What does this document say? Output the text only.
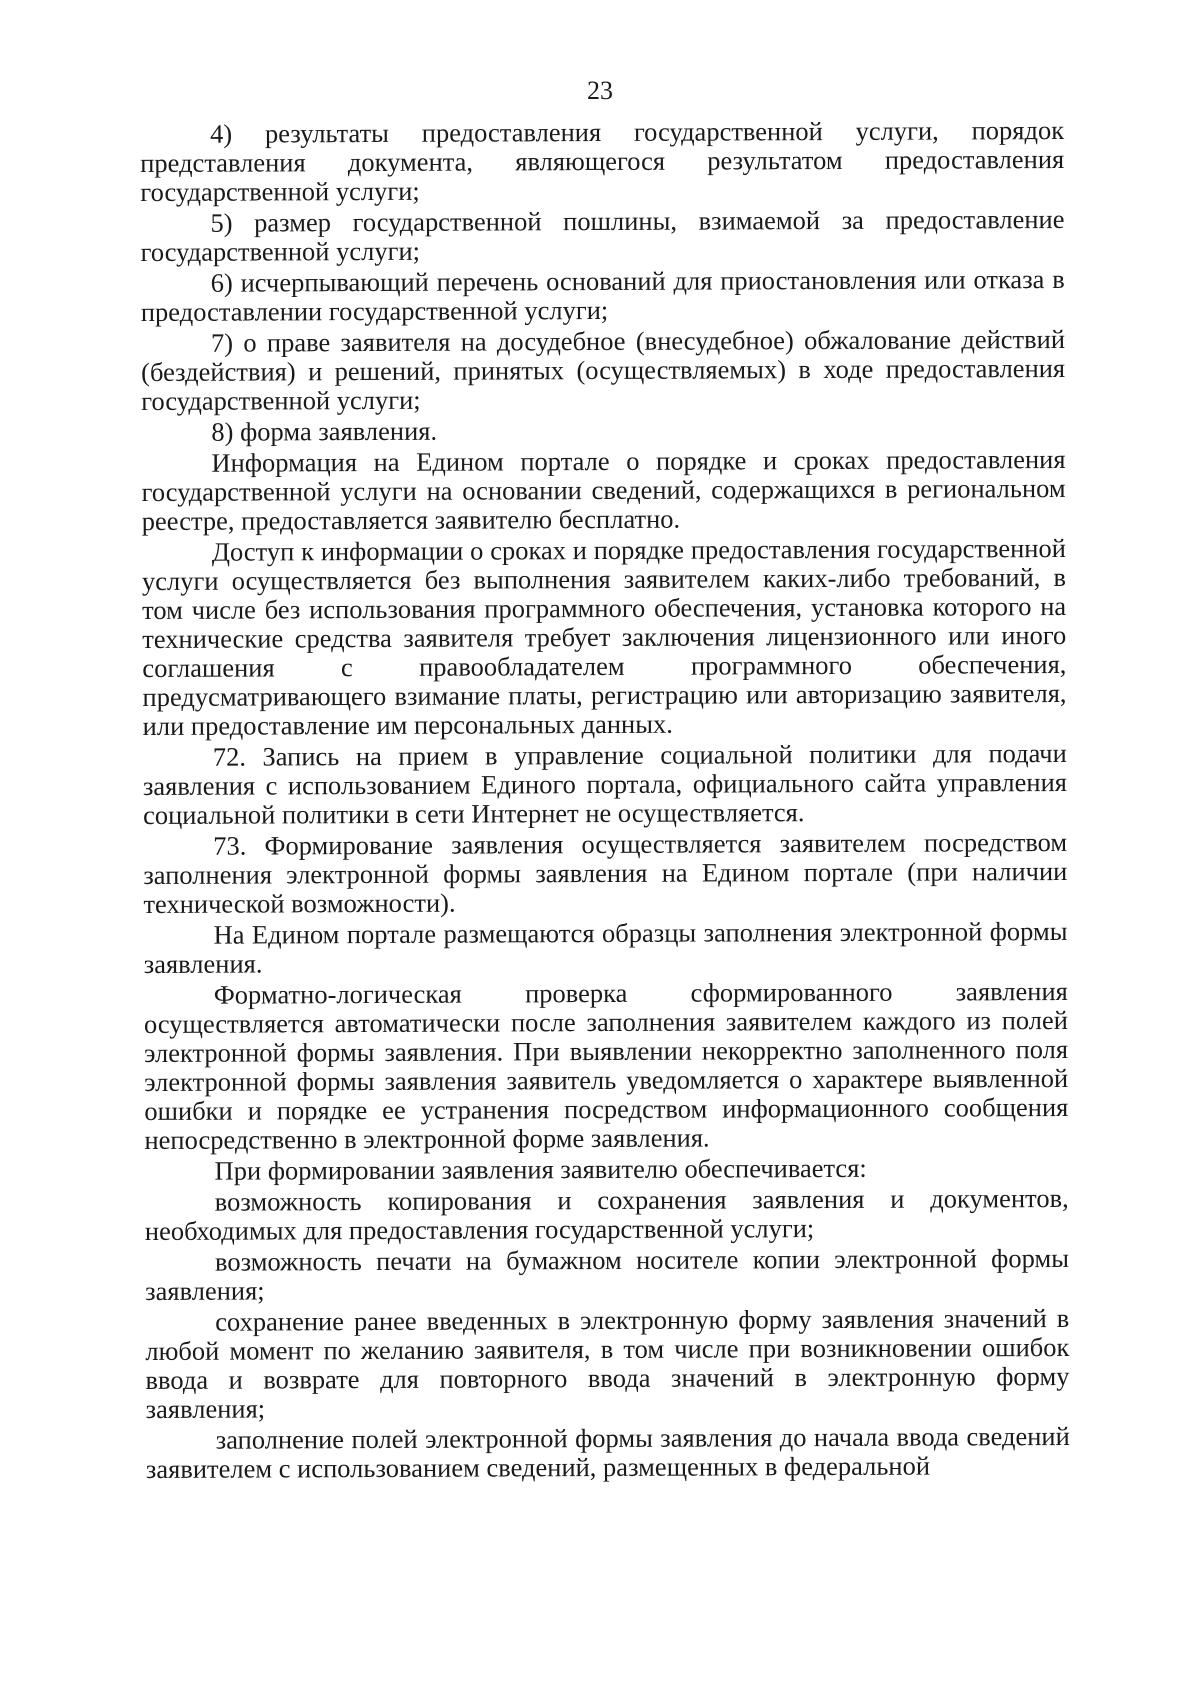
23

4) результаты предоставления государственной услуги, порядок представления документа, являющегося результатом предоставления государственной услуги;

5) размер государственной пошлины, взимаемой за предоставление государственной услуги;

6) исчерпывающий перечень оснований для приостановления или отказа в предоставлении государственной услуги;

7) о праве заявителя на досудебное (внесудебное) обжалование действий (бездействия) и решений, принятых (осуществляемых) в ходе предоставления государственной услуги;

8) форма заявления.

Информация на Едином портале о порядке и сроках предоставления государственной услуги на основании сведений, содержащихся в региональном реестре, предоставляется заявителю бесплатно.

Доступ к информации о сроках и порядке предоставления государственной услуги осуществляется без выполнения заявителем каких-либо требований, в том числе без использования программного обеспечения, установка которого на технические средства заявителя требует заключения лицензионного или иного соглашения с правообладателем программного обеспечения, предусматривающего взимание платы, регистрацию или авторизацию заявителя, или предоставление им персональных данных.

72. Запись на прием в управление социальной политики для подачи заявления с использованием Единого портала, официального сайта управления социальной политики в сети Интернет не осуществляется.

73. Формирование заявления осуществляется заявителем посредством заполнения электронной формы заявления на Едином портале (при наличии технической возможности).

На Едином портале размещаются образцы заполнения электронной формы заявления.

Форматно-логическая проверка сформированного заявления осуществляется автоматически после заполнения заявителем каждого из полей электронной формы заявления. При выявлении некорректно заполненного поля электронной формы заявления заявитель уведомляется о характере выявленной ошибки и порядке ее устранения посредством информационного сообщения непосредственно в электронной форме заявления.

При формировании заявления заявителю обеспечивается:

возможность копирования и сохранения заявления и документов, необходимых для предоставления государственной услуги;

возможность печати на бумажном носителе копии электронной формы заявления;

сохранение ранее введенных в электронную форму заявления значений в любой момент по желанию заявителя, в том числе при возникновении ошибок ввода и возврате для повторного ввода значений в электронную форму заявления;

заполнение полей электронной формы заявления до начала ввода сведений заявителем с использованием сведений, размещенных в федеральной
